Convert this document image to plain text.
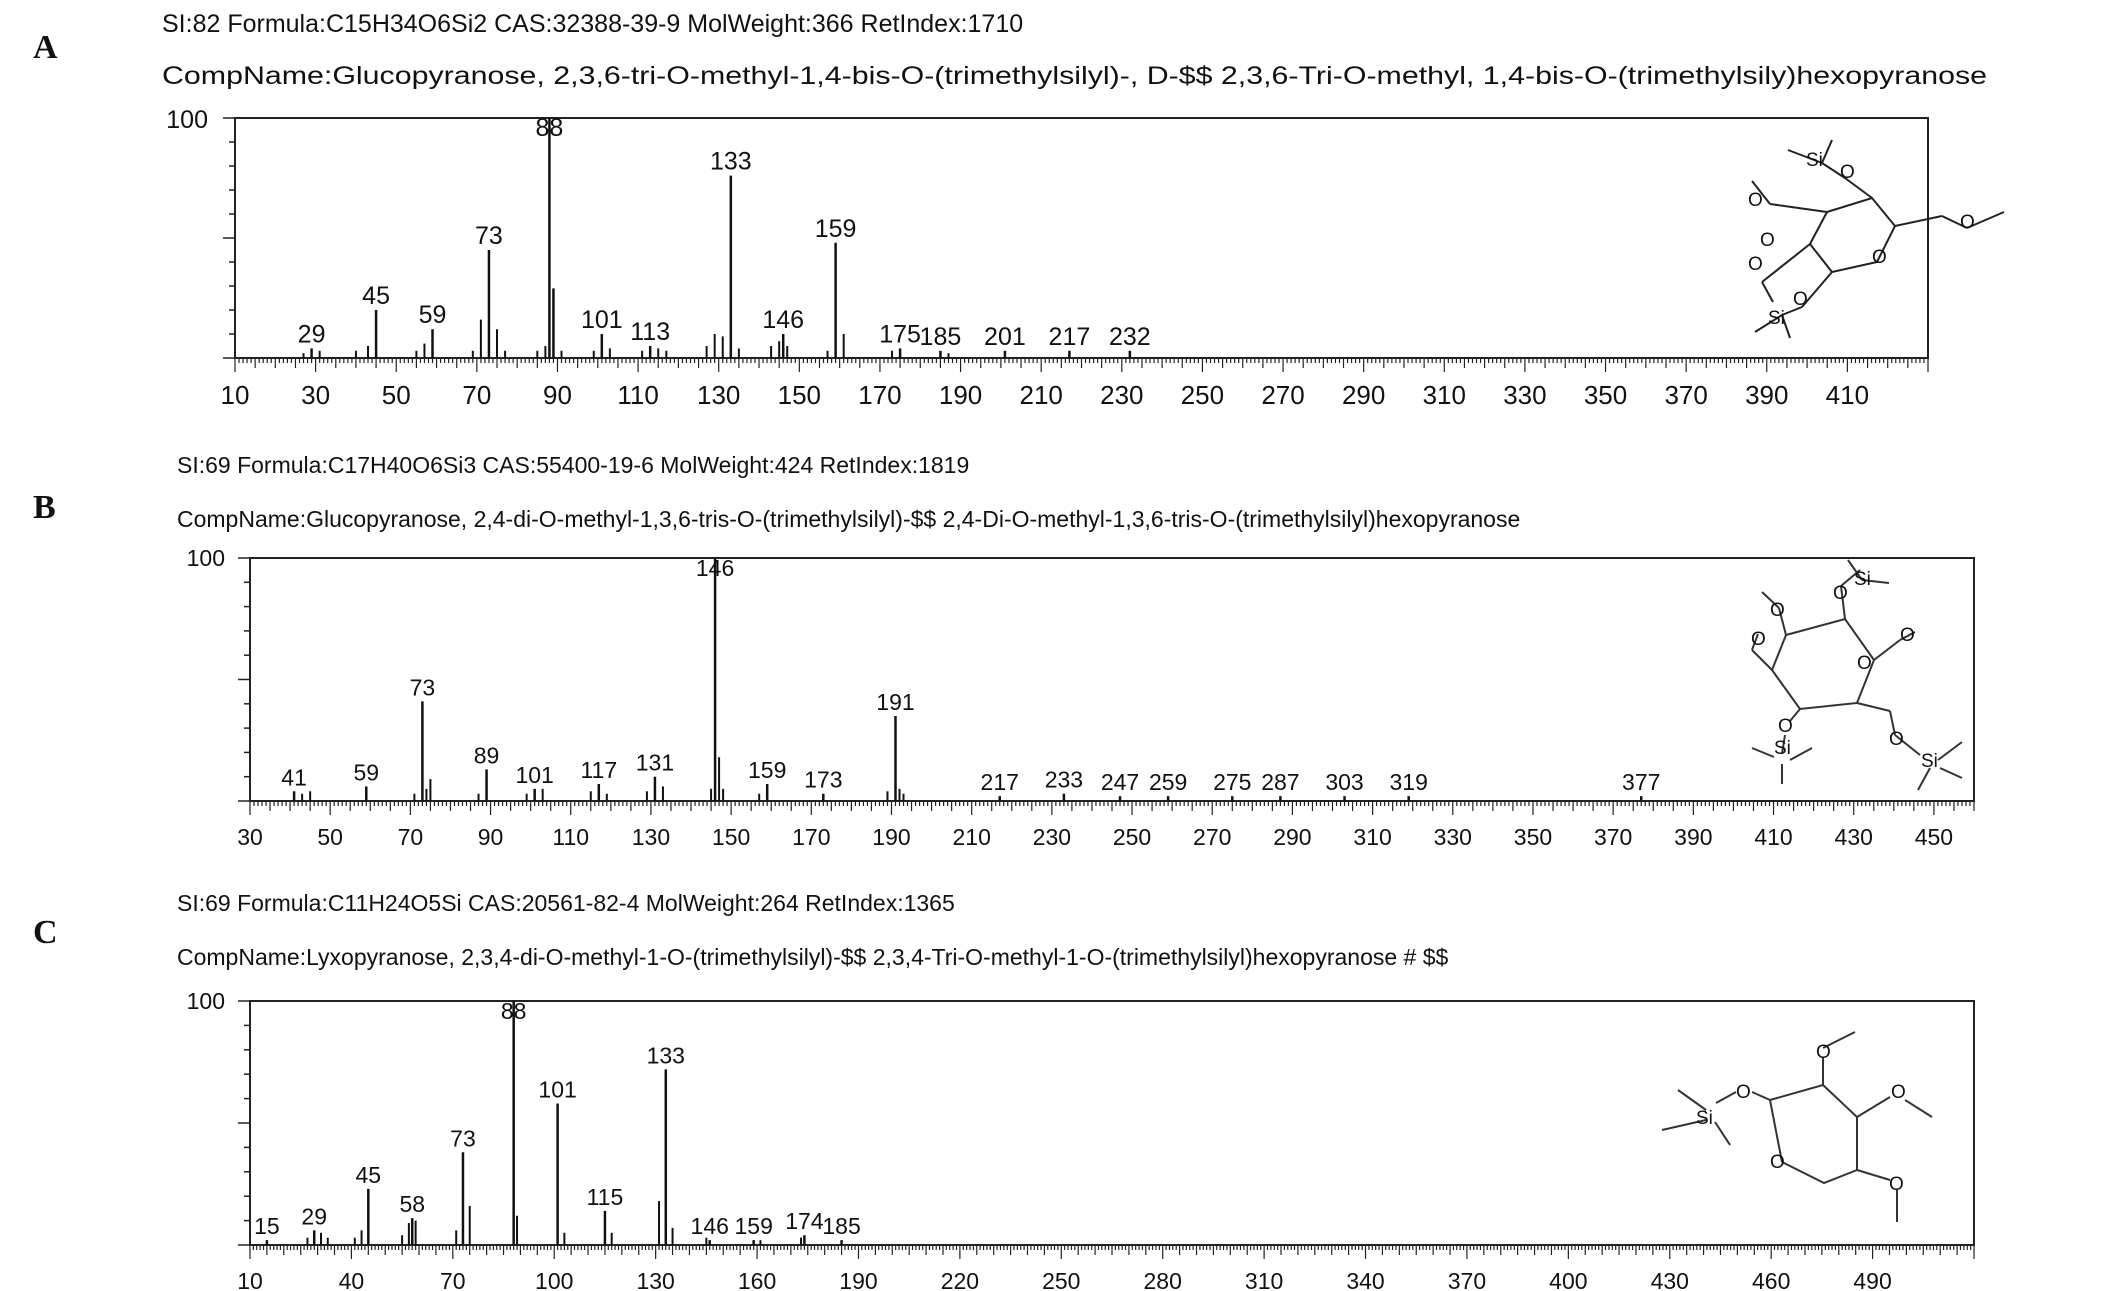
A
SI:82 Formula:C15H34O6Si2 CAS:32388-39-9 MolWeight:366 RetIndex:1710
CompName:Glucopyranose, 2,3,6-tri-O-methyl-1,4-bis-O-(trimethylsilyl)-, D-$$ 2,3,6-Tri-O-methyl, 1,4-bis-O-(trimethylsily)hexopyranose
100
10 30 50 70 90 110 130 150 170 190 210 230 250 270 290 310 330 350 370 390 410
29
45
59
73
88
101 113
133
146
159
175
185 201 217 232
O
O
O
O
Si
Si
O
O
O
B
SI:69 Formula:C17H40O6Si3 CAS:55400-19-6 MolWeight:424 RetIndex:1819
CompName:Glucopyranose, 2,4-di-O-methyl-1,3,6-tris-O-(trimethylsilyl)-$$ 2,4-Di-O-methyl-1,3,6-tris-O-(trimethylsilyl)hexopyranose
100
30 50 70 90 110 130 150 170 190 210 230 250 270 290 310 330 350 370 390 410 430 450
41 59
73
89
101 117 131
146
159 173
191
217 233 247 259 275 287 303 319	377
O
O
O
O
Si
O
O
Si	O
Si
C
SI:69 Formula:C11H24O5Si CAS:20561-82-4 MolWeight:264 RetIndex:1365
CompName:Lyxopyranose, 2,3,4-di-O-methyl-1-O-(trimethylsilyl)-$$ 2,3,4-Tri-O-methyl-1-O-(trimethylsilyl)hexopyranose # $$
100
10	40	70	100	130	160	190	220	250	280	310	340	370	400	430	460	490
15 29
45
58
73
88
101
115
133
146 159 174
185
O
O
Si
O
O
O
